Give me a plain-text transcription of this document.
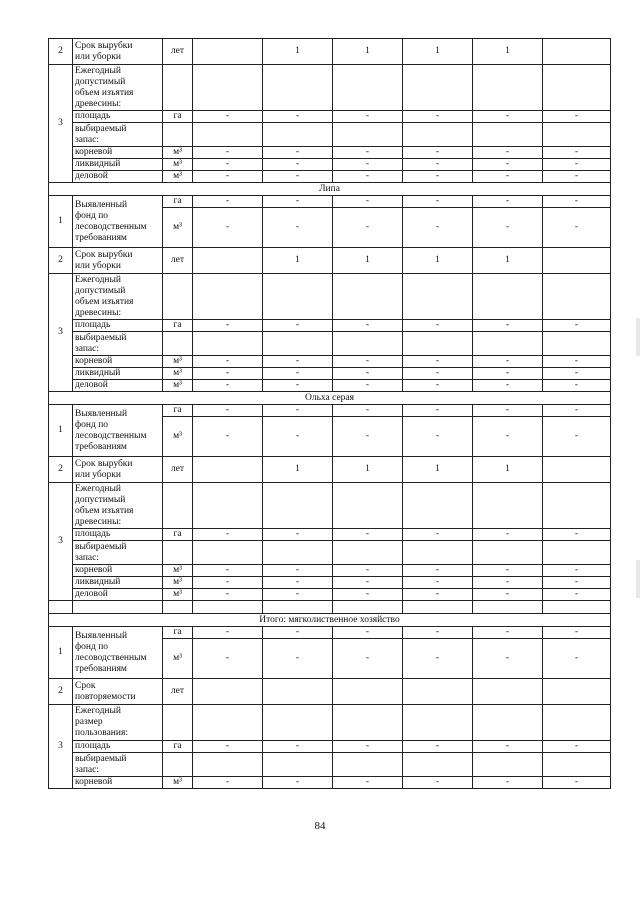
2	Срок вырубки
или уборки	лет		1	1	1	1	
3	Ежегодный
допустимый
объем изъятия
древесины:							
	площадь	га	-	-	-	-	-	-
	выбираемый
запас:							
	корневой	м³	-	-	-	-	-	-
	ликвидный	м³	-	-	-	-	-	-
	деловой	м³	-	-	-	-	-	-
Липа								
1	Выявленный
фонд по
лесоводственным
требованиям	га	-	-	-	-	-	-
		м³	-	-	-	-	-	-
2	Срок вырубки
или уборки	лет		1	1	1	1	
3	Ежегодный
допустимый
объем изъятия
древесины:							
	площадь	га	-	-	-	-	-	-
	выбираемый
запас:							
	корневой	м³	-	-	-	-	-	-
	ликвидный	м³	-	-	-	-	-	-
	деловой	м³	-	-	-	-	-	-
Ольха серая								
1	Выявленный
фонд по
лесоводственным
требованиям	га	-	-	-	-	-	-
		м³	-	-	-	-	-	-
2	Срок вырубки
или уборки	лет		1	1	1	1	
3	Ежегодный
допустимый
объем изъятия
древесины:							
	площадь	га	-	-	-	-	-	-
	выбираемый
запас:							
	корневой	м³	-	-	-	-	-	-
	ликвидный	м³	-	-	-	-	-	-
	деловой	м³	-	-	-	-	-	-

Итого: мягколиственное хозяйство								
1	Выявленный
фонд по
лесоводственным
требованиям	га	-	-	-	-	-	-
		м³	-	-	-	-	-	-
2	Срок
повторяемости	лет						
3	Ежегодный
размер
пользования:							
	площадь	га	-	-	-	-	-	-
	выбираемый
запас:							
	корневой	м³	-	-	-	-	-	-
84
